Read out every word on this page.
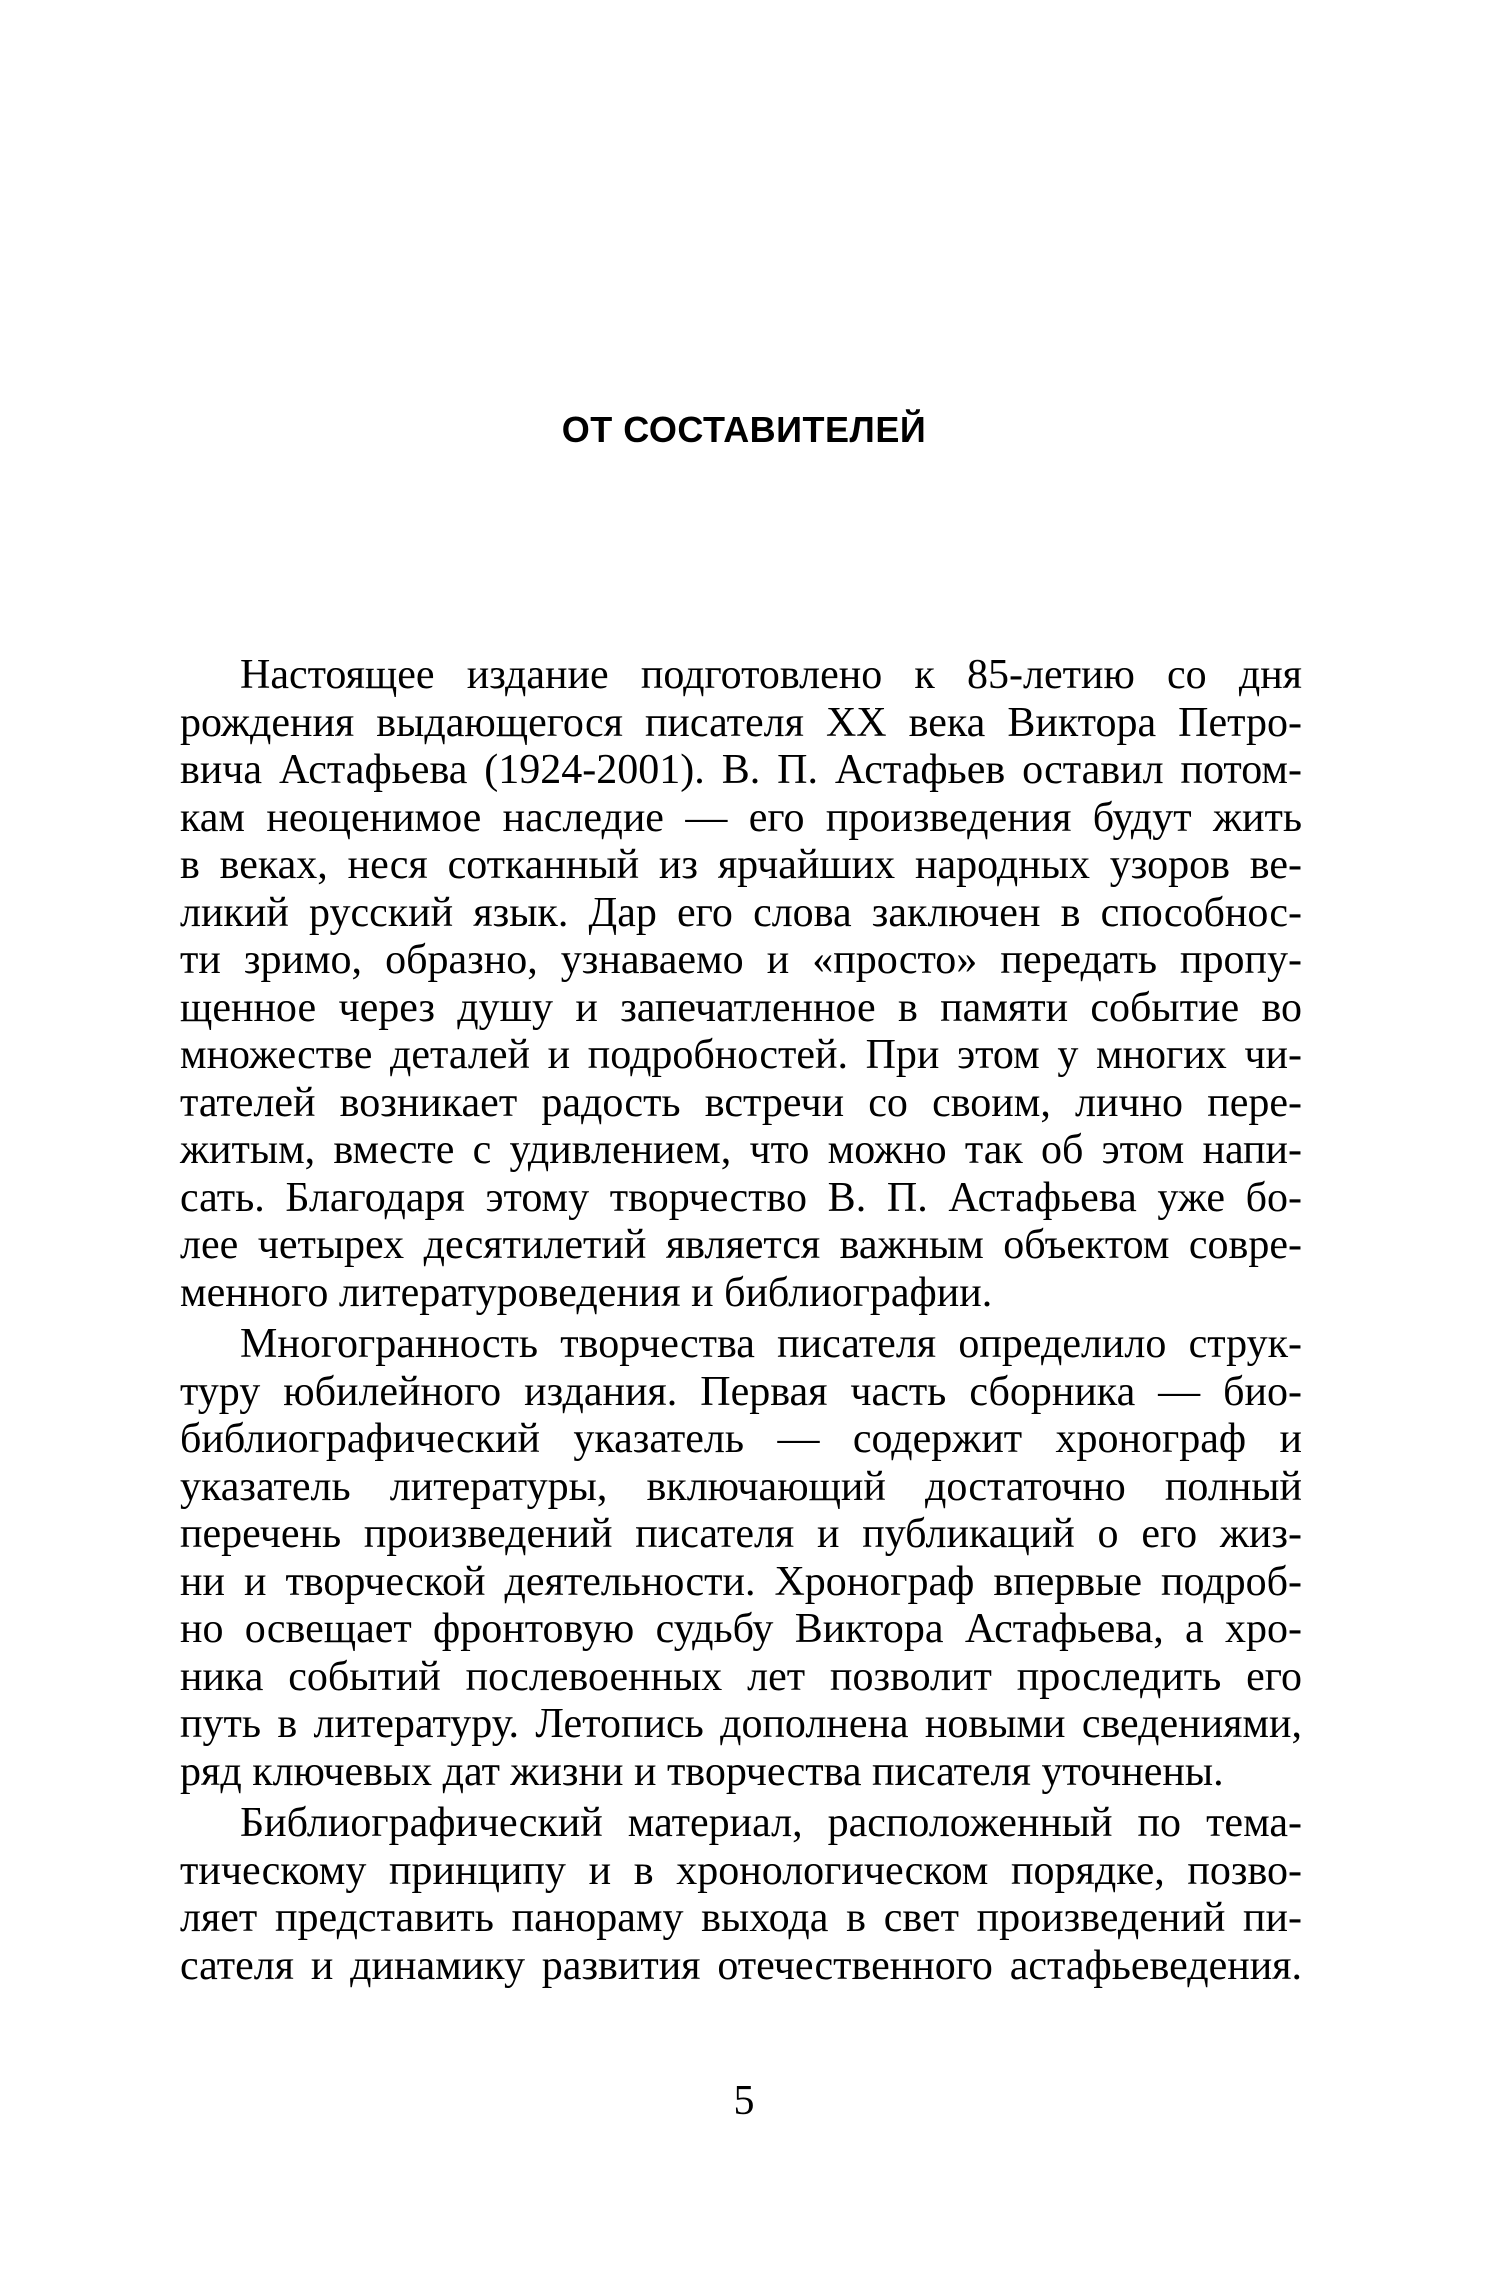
ОТ СОСТАВИТЕЛЕЙ
Настоящее издание подготовлено к 85-летию со дня
рождения выдающегося писателя XX века Виктора Петро-
вича Астафьева (1924-2001). В. П. Астафьев оставил потом-
кам неоценимое наследие — его произведения будут жить
в веках, неся сотканный из ярчайших народных узоров ве-
ликий русский язык. Дар его слова заключен в способнос-
ти зримо, образно, узнаваемо и «просто» передать пропу-
щенное через душу и запечатленное в памяти событие во
множестве деталей и подробностей. При этом у многих чи-
тателей возникает радость встречи со своим, лично пере-
житым, вместе с удивлением, что можно так об этом напи-
сать. Благодаря этому творчество В. П. Астафьева уже бо-
лее четырех десятилетий является важным объектом совре-
менного литературоведения и библиографии.
Многогранность творчества писателя определило струк-
туру юбилейного издания. Первая часть сборника — био-
библиографический указатель — содержит хронограф и
указатель литературы, включающий достаточно полный
перечень произведений писателя и публикаций о его жиз-
ни и творческой деятельности. Хронограф впервые подроб-
но освещает фронтовую судьбу Виктора Астафьева, а хро-
ника событий послевоенных лет позволит проследить его
путь в литературу. Летопись дополнена новыми сведениями,
ряд ключевых дат жизни и творчества писателя уточнены.
Библиографический материал, расположенный по тема-
тическому принципу и в хронологическом порядке, позво-
ляет представить панораму выхода в свет произведений пи-
сателя и динамику развития отечественного астафьеведения.
5
